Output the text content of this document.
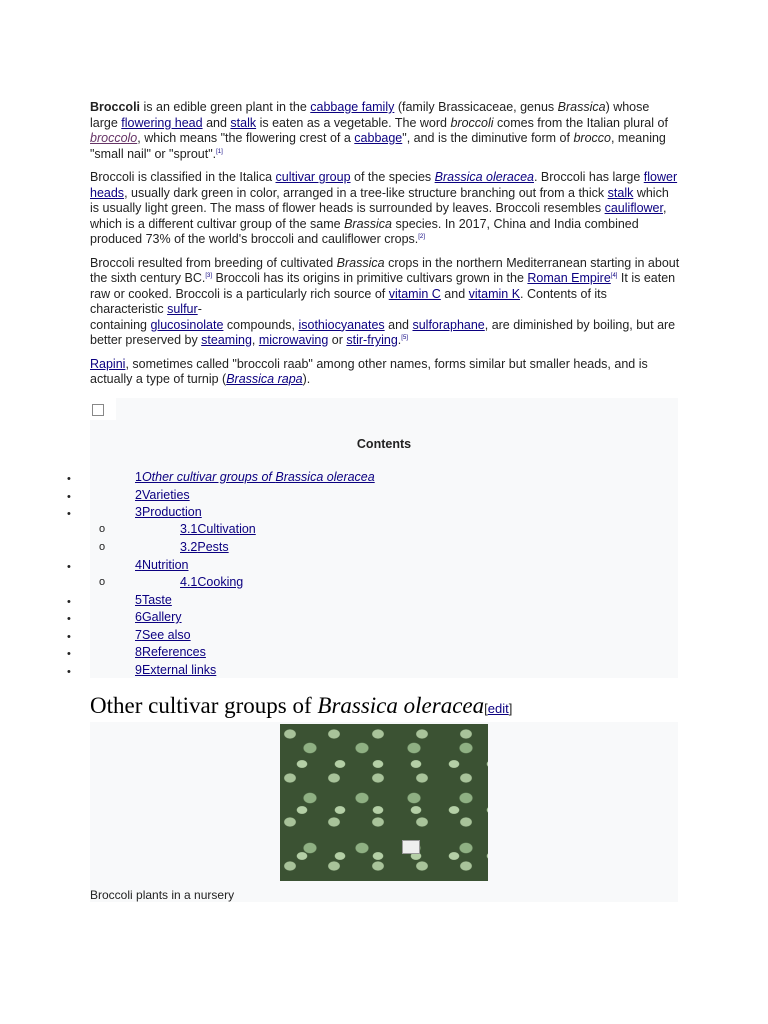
Broccoli is an edible green plant in the cabbage family (family Brassicaceae, genus Brassica) whose large flowering head and stalk is eaten as a vegetable. The word broccoli comes from the Italian plural of broccolo, which means "the flowering crest of a cabbage", and is the diminutive form of brocco, meaning "small nail" or "sprout".[1]

Broccoli is classified in the Italica cultivar group of the species Brassica oleracea. Broccoli has large flower heads, usually dark green in color, arranged in a tree-like structure branching out from a thick stalk which is usually light green. The mass of flower heads is surrounded by leaves. Broccoli resembles cauliflower, which is a different cultivar group of the same Brassica species. In 2017, China and India combined produced 73% of the world's broccoli and cauliflower crops.[2]

Broccoli resulted from breeding of cultivated Brassica crops in the northern Mediterranean starting in about the sixth century BC.[3] Broccoli has its origins in primitive cultivars grown in the Roman Empire[4] It is eaten raw or cooked. Broccoli is a particularly rich source of vitamin C and vitamin K. Contents of its characteristic sulfur-
containing glucosinolate compounds, isothiocyanates and sulforaphane, are diminished by boiling, but are better preserved by steaming, microwaving or stir-frying.[5]

Rapini, sometimes called "broccoli raab" among other names, forms similar but smaller heads, and is actually a type of turnip (Brassica rapa).

Contents
•	1Other cultivar groups of Brassica oleracea
•	2Varieties
•	3Production
o	3.1Cultivation
o	3.2Pests
•	4Nutrition
o	4.1Cooking
•	5Taste
•	6Gallery
•	7See also
•	8References
•	9External links
Other cultivar groups of Brassica oleracea[edit]
Broccoli plants in a nursery
